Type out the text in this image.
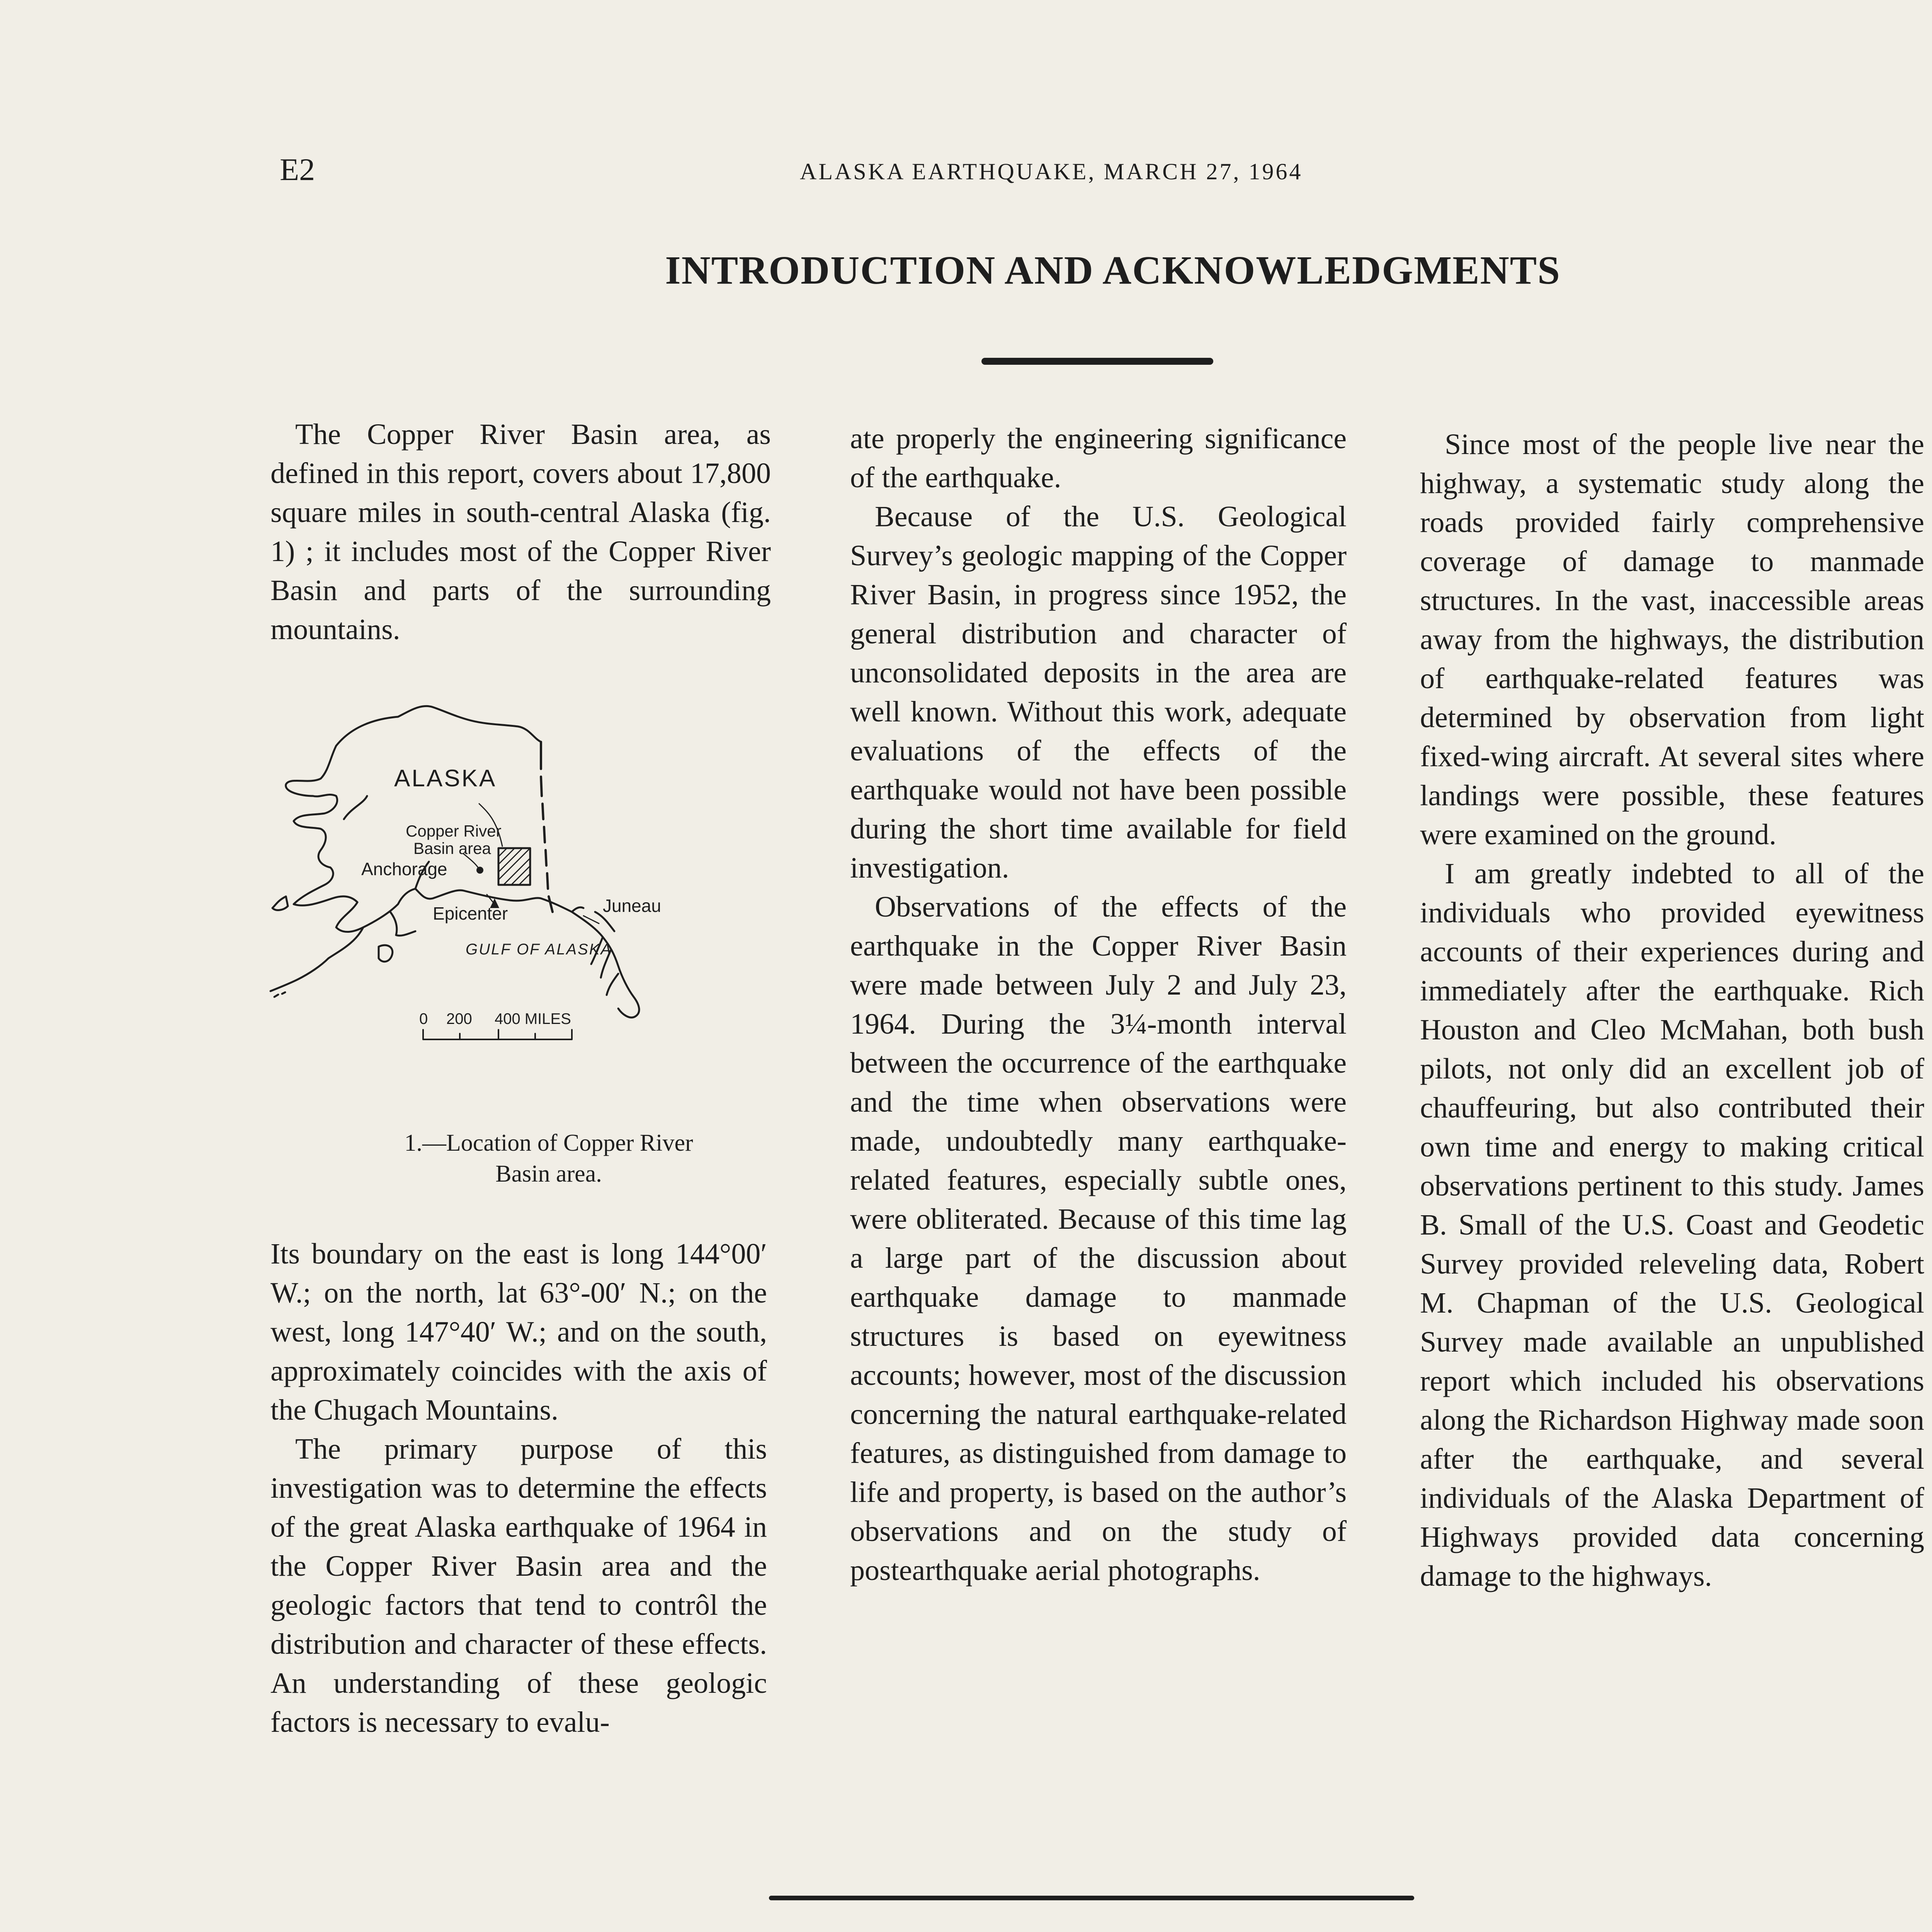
E2	ALASKA EARTHQUAKE, MARCH 27, 1964
INTRODUCTION AND ACKNOWLEDGMENTS

The Copper River Basin area, as defined in this report, covers about 17,800 square miles in south-central Alaska (fig. 1) ; it includes most of the Copper River Basin and parts of the surrounding mountains.

ALASKA
Copper River
Basin area
Anchorage
Epicenter	Juneau
GULF OF ALASKA
0 200 400 MILES
1.—Location of Copper River
Basin area.

Its boundary on the east is long 144°00′ W.; on the north, lat 63°-00′ N.; on the west, long 147°40′ W.; and on the south, approximately coincides with the axis of the Chugach Mountains.

The primary purpose of this investigation was to determine the effects of the great Alaska earthquake of 1964 in the Copper River Basin area and the geologic factors that tend to contrôl the distribution and character of these effects. An understanding of these geologic factors is necessary to evalu-

ate properly the engineering significance of the earthquake.

Because of the U.S. Geological Survey’s geologic mapping of the Copper River Basin, in progress since 1952, the general distribution and character of unconsolidated deposits in the area are well known. Without this work, adequate evaluations of the effects of the earthquake would not have been possible during the short time available for field investigation.

Observations of the effects of the earthquake in the Copper River Basin were made between July 2 and July 23, 1964. During the 3¼-month interval between the occurrence of the earthquake and the time when observations were made, undoubtedly many earthquake-related features, especially subtle ones, were obliterated. Because of this time lag a large part of the discussion about earthquake damage to manmade structures is based on eyewitness accounts; however, most of the discussion concerning the natural earthquake-related features, as distinguished from damage to life and property, is based on the author’s observations and on the study of postearthquake aerial photographs.

Since most of the people live near the highway, a systematic study along the roads provided fairly comprehensive coverage of damage to manmade structures. In the vast, inaccessible areas away from the highways, the distribution of earthquake-related features was determined by observation from light fixed-wing aircraft. At several sites where landings were possible, these features were examined on the ground.

I am greatly indebted to all of the individuals who provided eyewitness accounts of their experiences during and immediately after the earthquake. Rich Houston and Cleo McMahan, both bush pilots, not only did an excellent job of chauffeuring, but also contributed their own time and energy to making critical observations pertinent to this study. James B. Small of the U.S. Coast and Geodetic Survey provided releveling data, Robert M. Chapman of the U.S. Geological Survey made available an unpublished report which included his observations along the Richardson Highway made soon after the earthquake, and several individuals of the Alaska Department of Highways provided data concerning damage to the highways.
